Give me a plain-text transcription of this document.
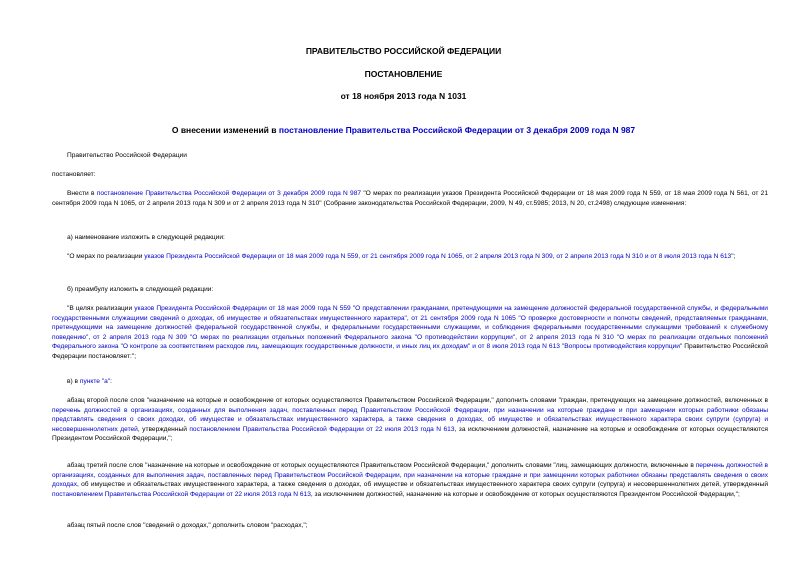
ПРАВИТЕЛЬСТВО РОССИЙСКОЙ ФЕДЕРАЦИИ
ПОСТАНОВЛЕНИЕ
от 18 ноября 2013 года N 1031
О внесении изменений в постановление Правительства Российской Федерации от 3 декабря 2009 года N 987
Правительство Российской Федерации
постановляет:
Внести в постановление Правительства Российской Федерации от 3 декабря 2009 года N 987 "О мерах по реализации указов Президента Российской Федерации от 18 мая 2009 года N 559, от 18 мая 2009 года N 561, от 21 сентября 2009 года N 1065, от 2 апреля 2013 года N 309 и от 2 апреля 2013 года N 310" (Собрание законодательства Российской Федерации, 2009, N 49, ст.5985; 2013, N 20, ст.2498) следующие изменения:
а) наименование изложить в следующей редакции:
"О мерах по реализации указов Президента Российской Федерации от 18 мая 2009 года N 559, от 21 сентября 2009 года N 1065, от 2 апреля 2013 года N 309, от 2 апреля 2013 года N 310 и от 8 июля 2013 года N 613";
б) преамбулу изложить в следующей редакции:
"В целях реализации указов Президента Российской Федерации от 18 мая 2009 года N 559 "О представлении гражданами, претендующими на замещение должностей федеральной государственной службы, и федеральными государственными служащими сведений о доходах, об имуществе и обязательствах имущественного характера", от 21 сентября 2009 года N 1065 "О проверке достоверности и полноты сведений, представляемых гражданами, претендующими на замещение должностей федеральной государственной службы, и федеральными государственными служащими, и соблюдения федеральными государственными служащими требований к служебному поведению", от 2 апреля 2013 года N 309 "О мерах по реализации отдельных положений Федерального закона "О противодействии коррупции", от 2 апреля 2013 года N 310 "О мерах по реализации отдельных положений Федерального закона "О контроле за соответствием расходов лиц, замещающих государственные должности, и иных лиц их доходам" и от 8 июля 2013 года N 613 "Вопросы противодействия коррупции" Правительство Российской Федерации постановляет:";
в) в пункте "а":
абзац второй после слов "назначение на которые и освобождение от которых осуществляются Правительством Российской Федерации," дополнить словами "граждан, претендующих на замещение должностей, включенных в перечень должностей в организациях, созданных для выполнения задач, поставленных перед Правительством Российской Федерации, при назначении на которые граждане и при замещении которых работники обязаны представлять сведения о своих доходах, об имуществе и обязательствах имущественного характера, а также сведения о доходах, об имуществе и обязательствах имущественного характера своих супруги (супруга) и несовершеннолетних детей, утвержденный постановлением Правительства Российской Федерации от 22 июля 2013 года N 613, за исключением должностей, назначение на которые и освобождение от которых осуществляются Президентом Российской Федерации,";
абзац третий после слов "назначение на которые и освобождение от которых осуществляются Правительством Российской Федерации," дополнить словами "лиц, замещающих должности, включенные в перечень должностей в организациях, созданных для выполнения задач, поставленных перед Правительством Российской Федерации, при назначении на которые граждане и при замещении которых работники обязаны представлять сведения о своих доходах, об имуществе и обязательствах имущественного характера, а также сведения о доходах, об имуществе и обязательствах имущественного характера своих супруги (супруга) и несовершеннолетних детей, утвержденный постановлением Правительства Российской Федерации от 22 июля 2013 года N 613, за исключением должностей, назначение на которые и освобождение от которых осуществляются Президентом Российской Федерации,";
абзац пятый после слов "сведений о доходах," дополнить словом "расходах,";
